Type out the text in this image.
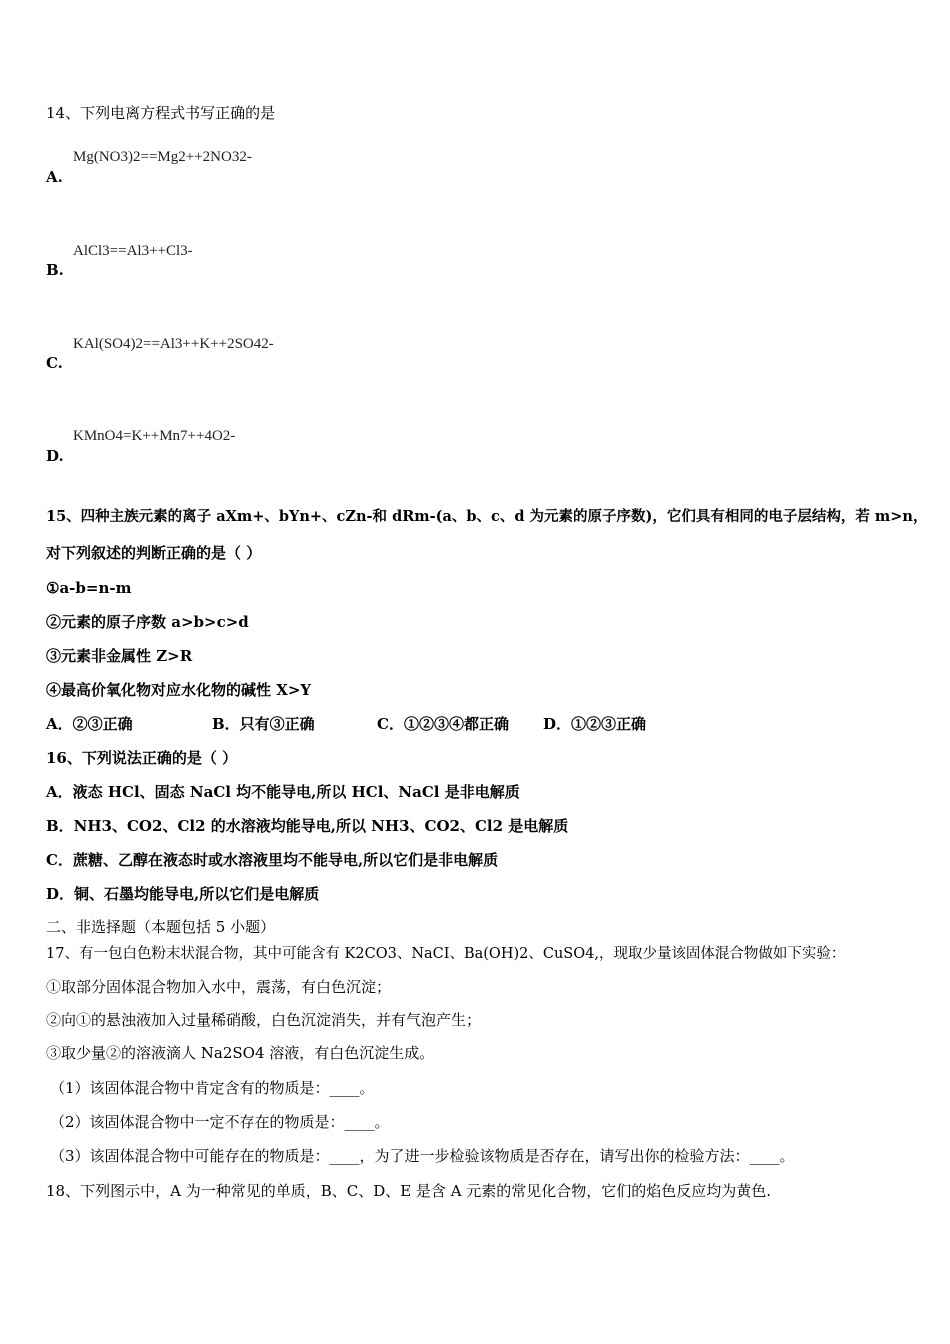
14、下列电离方程式书写正确的是
Mg(NO3)2==Mg2++2NO32-
A.
AlCl3==Al3++Cl3-
B.
KAl(SO4)2==Al3++K++2SO42-
C.
KMnO4=K++Mn7++4O2-
D.
15、四种主族元素的离子 aXm+、bYn+、cZn-和 dRm-(a、b、c、d 为元素的原子序数)，它们具有相同的电子层结构，若 m>n，
对下列叙述的判断正确的是（ ）
①a-b=n-m
②元素的原子序数 a>b>c>d
③元素非金属性 Z>R
④最高价氧化物对应水化物的碱性 X>Y
A．②③正确	B．只有③正确	C．①②③④都正确 D．①②③正确
16、下列说法正确的是（ ）
A．液态 HCl、固态 NaCl 均不能导电,所以 HCl、NaCl 是非电解质
B．NH3、CO2、Cl2 的水溶液均能导电,所以 NH3、CO2、Cl2 是电解质
C．蔗糖、乙醇在液态时或水溶液里均不能导电,所以它们是非电解质
D．铜、石墨均能导电,所以它们是电解质
二、非选择题（本题包括 5 小题）
17、有一包白色粉末状混合物，其中可能含有 K2CO3、NaCI、Ba(OH)2、CuSO4,，现取少量该固体混合物做如下实验：
①取部分固体混合物加入水中，震荡，有白色沉淀；
②向①的悬浊液加入过量稀硝酸，白色沉淀消失，并有气泡产生；
③取少量②的溶液滴人 Na2SO4 溶液，有白色沉淀生成。
（1）该固体混合物中肯定含有的物质是：____。
（2）该固体混合物中一定不存在的物质是：____。
（3）该固体混合物中可能存在的物质是：____，为了进一步检验该物质是否存在，请写出你的检验方法：____。
18、下列图示中，A 为一种常见的单质，B、C、D、E 是含 A 元素的常见化合物，它们的焰色反应均为黄色.
